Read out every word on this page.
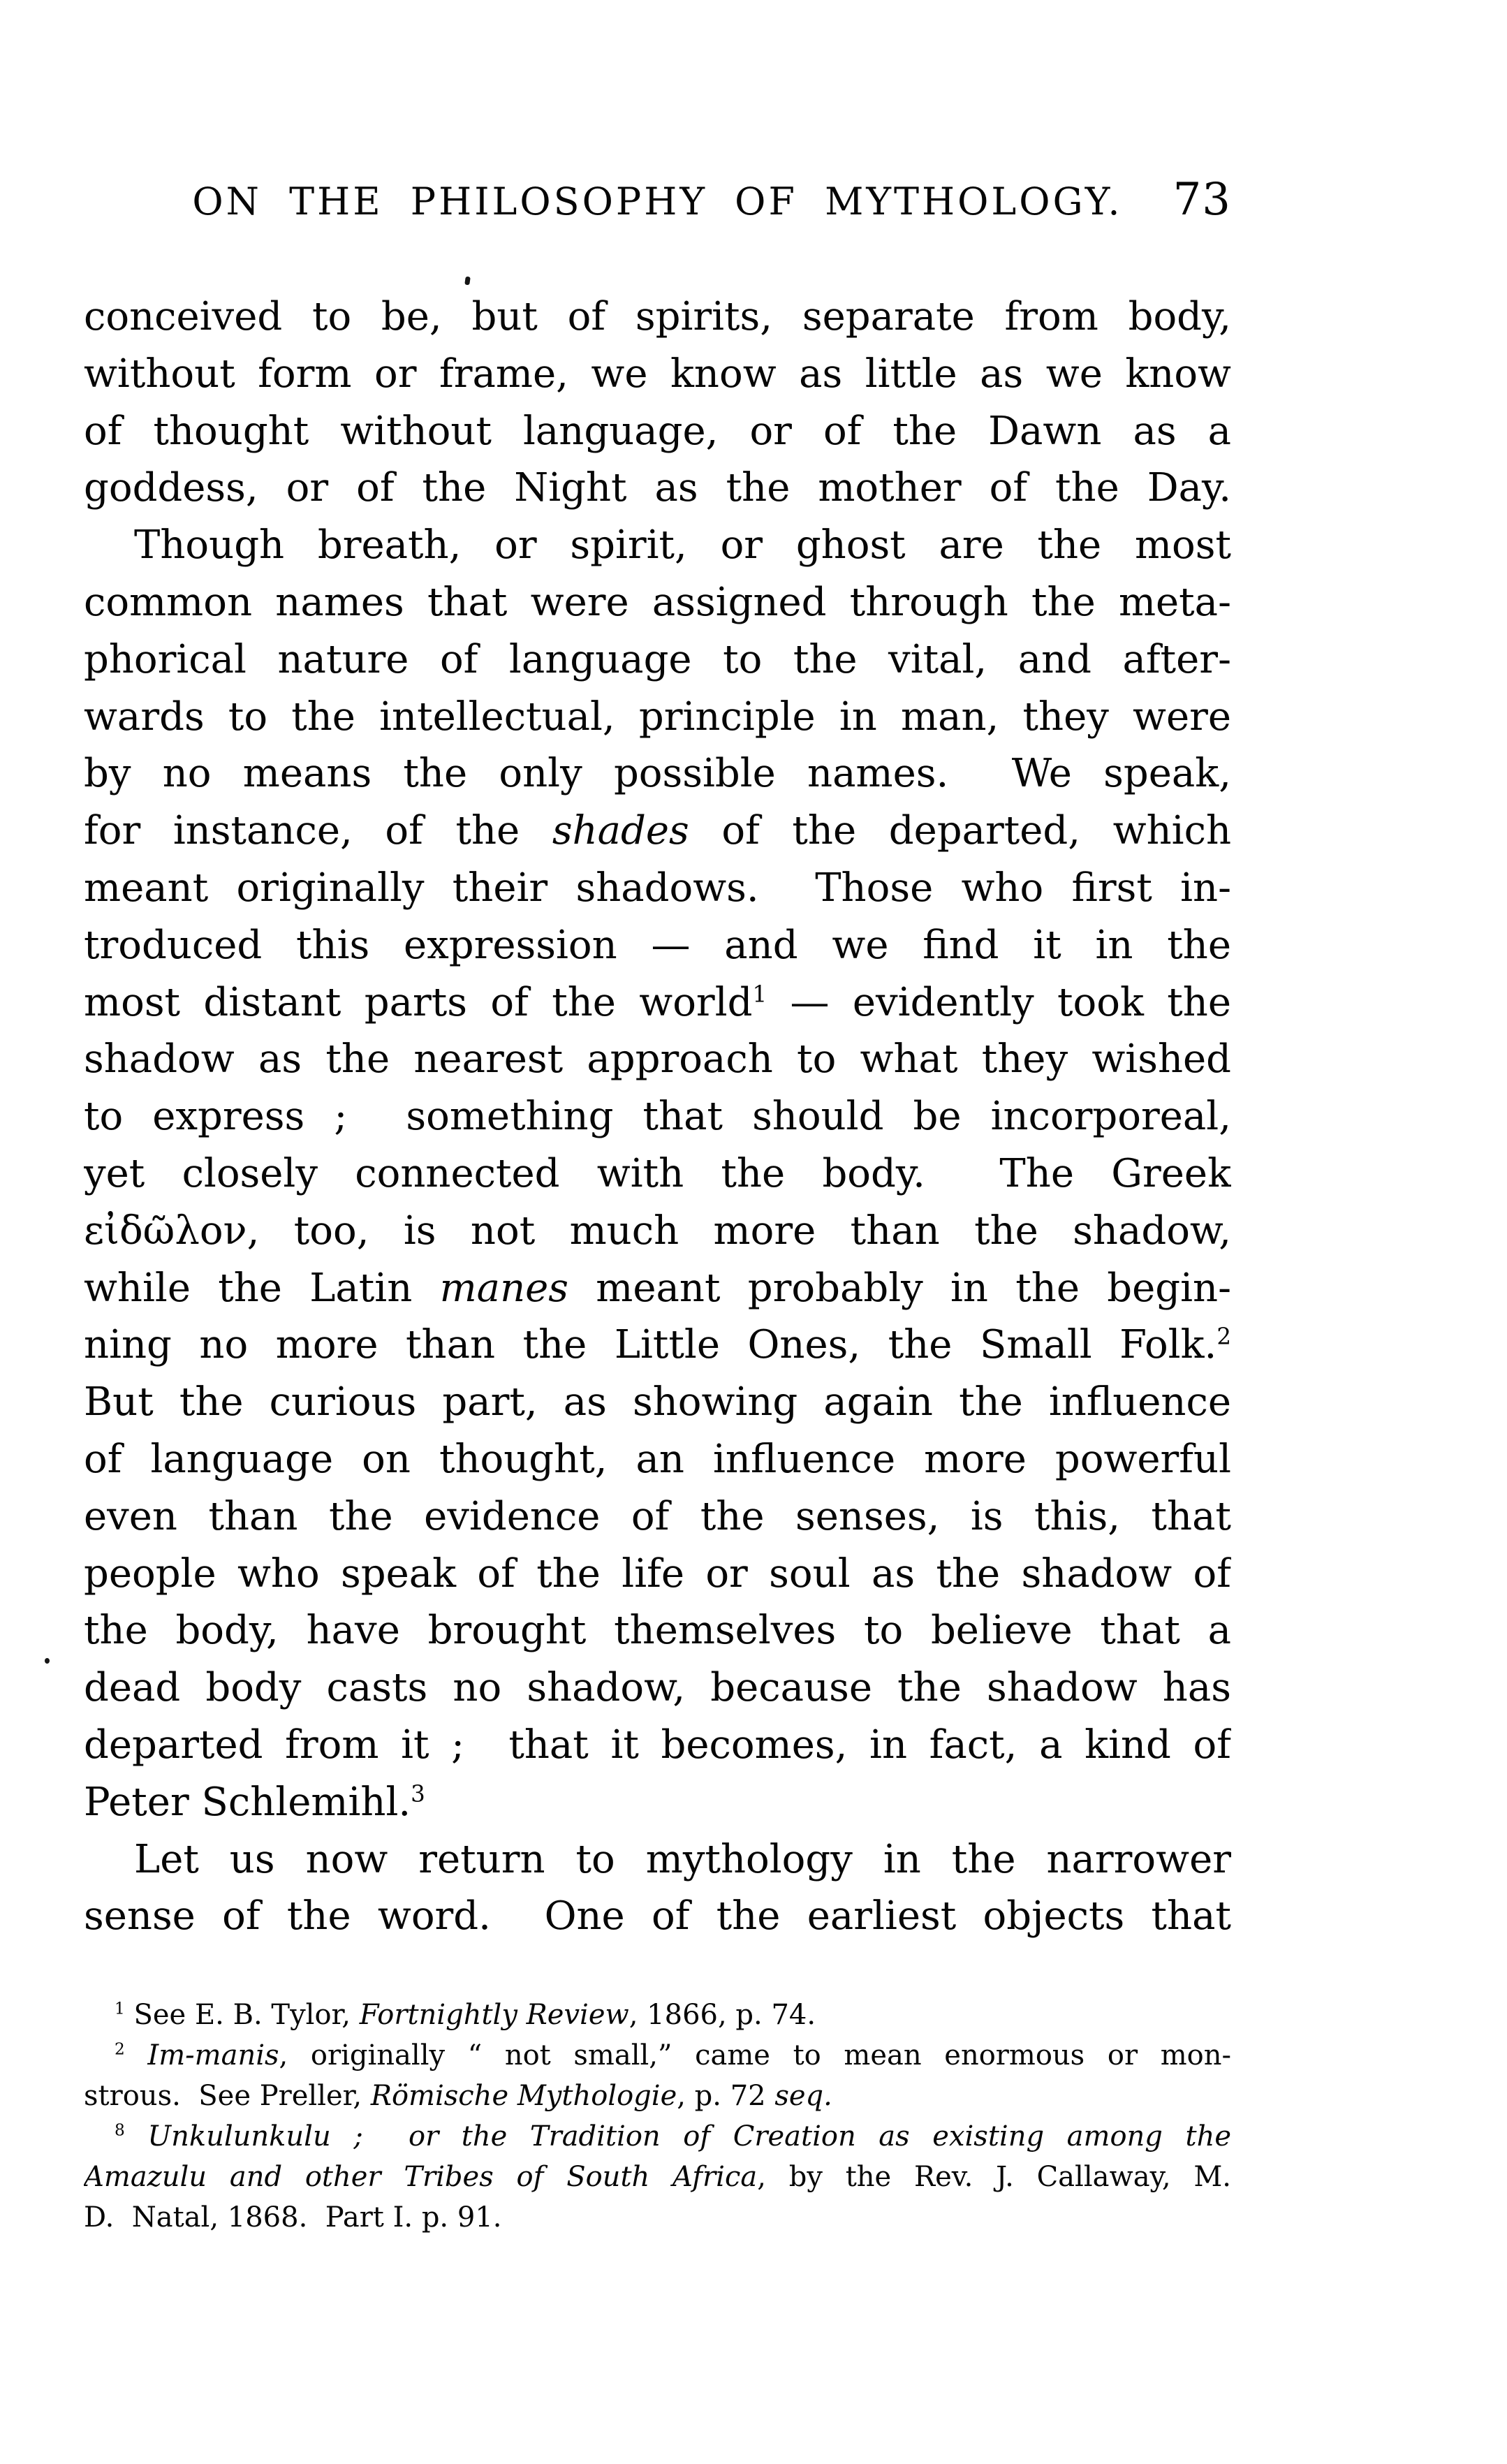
ON THE PHILOSOPHY OF MYTHOLOGY. 73
conceived to be, but of spirits, separate from body,
without form or frame, we know as little as we know
of thought without language, or of the Dawn as a
goddess, or of the Night as the mother of the Day.
Though breath, or spirit, or ghost are the most
common names that were assigned through the meta-
phorical nature of language to the vital, and after-
wards to the intellectual, principle in man, they were
by no means the only possible names.  We speak,
for instance, of the shades of the departed, which
meant originally their shadows.  Those who first in-
troduced this expression — and we find it in the
most distant parts of the world$^1$ — evidently took the
shadow as the nearest approach to what they wished
to express ;  something that should be incorporeal,
yet closely connected with the body.  The Greek
εἰδῶλον, too, is not much more than the shadow,
while the Latin manes meant probably in the begin-
ning no more than the Little Ones, the Small Folk.$^2$
But the curious part, as showing again the influence
of language on thought, an influence more powerful
even than the evidence of the senses, is this, that
people who speak of the life or soul as the shadow of
the body, have brought themselves to believe that a
dead body casts no shadow, because the shadow has
departed from it ;  that it becomes, in fact, a kind of
Peter Schlemihl.$^3$
Let us now return to mythology in the narrower
sense of the word.  One of the earliest objects that
$^1$ See E. B. Tylor, Fortnightly Review, 1866, p. 74.
$^2$ Im-manis, originally “ not small,” came to mean enormous or mon-
strous.  See Preller, Römische Mythologie, p. 72 seq.
$^8$ Unkulunkulu ;  or the Tradition of Creation as existing among the
Amazulu and other Tribes of South Africa, by the Rev. J. Callaway, M.
D.  Natal, 1868.  Part I. p. 91.
